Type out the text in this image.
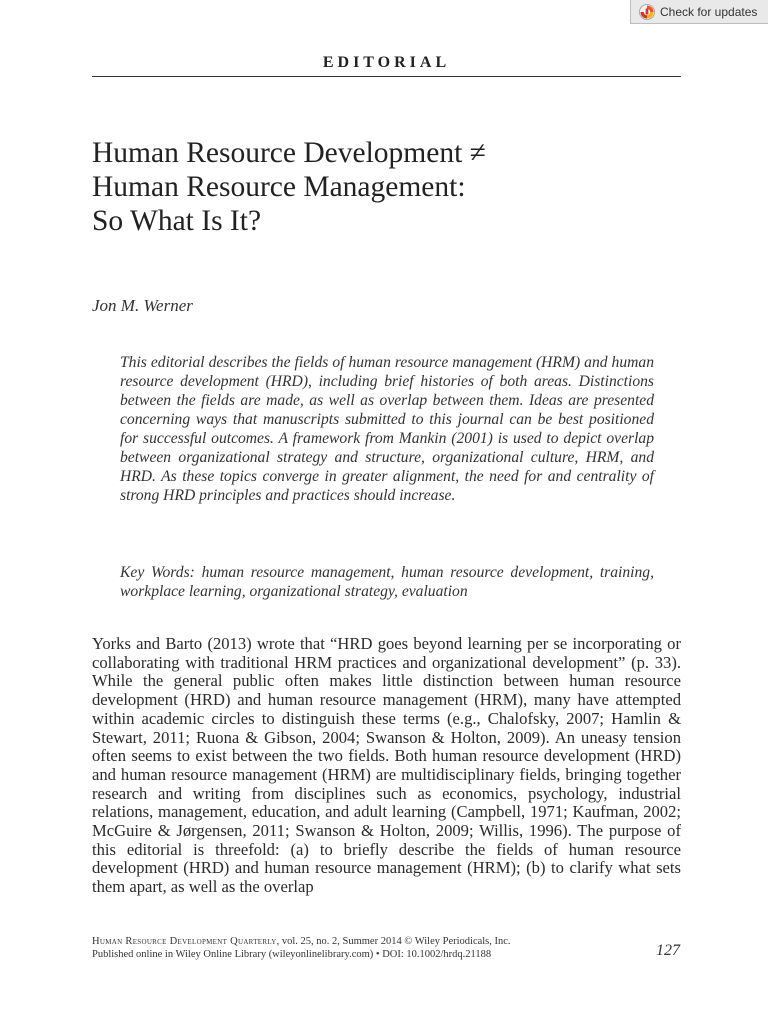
Check for updates
EDITORIAL
Human Resource Development ≠
Human Resource Management:
So What Is It?
Jon M. Werner
This editorial describes the fields of human resource management (HRM) and human resource development (HRD), including brief histories of both areas. Distinctions between the fields are made, as well as overlap between them. Ideas are presented concerning ways that manuscripts submitted to this journal can be best positioned for successful outcomes. A framework from Mankin (2001) is used to depict overlap between organizational strategy and structure, organizational culture, HRM, and HRD. As these topics converge in greater alignment, the need for and centrality of strong HRD principles and practices should increase.
Key Words: human resource management, human resource development, training, workplace learning, organizational strategy, evaluation
Yorks and Barto (2013) wrote that “HRD goes beyond learning per se incorporating or collaborating with traditional HRM practices and organizational development” (p. 33). While the general public often makes little distinction between human resource development (HRD) and human resource management (HRM), many have attempted within academic circles to distinguish these terms (e.g., Chalofsky, 2007; Hamlin & Stewart, 2011; Ruona & Gibson, 2004; Swanson & Holton, 2009). An uneasy tension often seems to exist between the two fields. Both human resource development (HRD) and human resource management (HRM) are multidisciplinary fields, bringing together research and writing from disciplines such as economics, psychology, industrial relations, management, education, and adult learning (Campbell, 1971; Kaufman, 2002; McGuire & Jørgensen, 2011; Swanson & Holton, 2009; Willis, 1996). The purpose of this editorial is threefold: (a) to briefly describe the fields of human resource development (HRD) and human resource management (HRM); (b) to clarify what sets them apart, as well as the overlap
Human Resource Development Quarterly, vol. 25, no. 2, Summer 2014 © Wiley Periodicals, Inc.
Published online in Wiley Online Library (wileyonlinelibrary.com) • DOI: 10.1002/hrdq.21188	127
